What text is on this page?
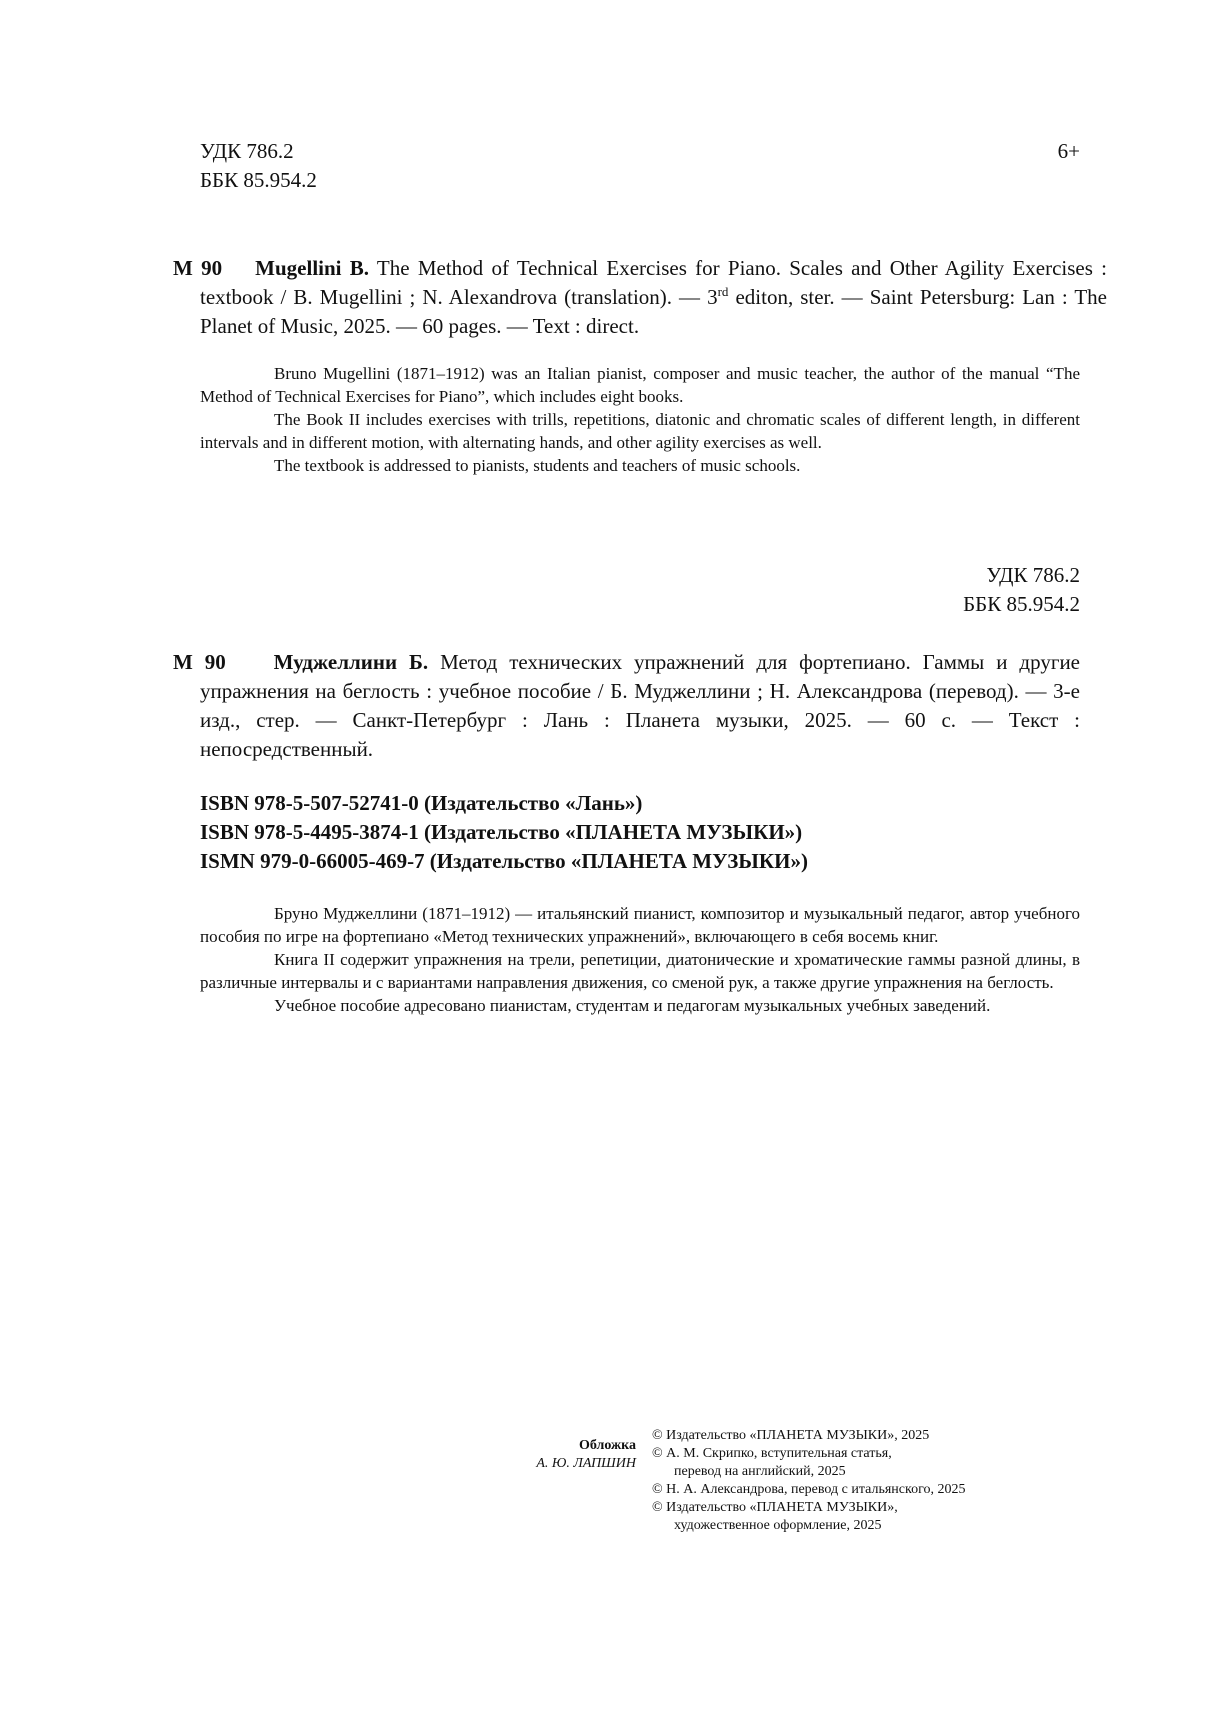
УДК 786.2
ББК 85.954.2
6+

M 90 Mugellini B. The Method of Technical Exercises for Piano. Scales and Other Agility Exercises : textbook / B. Mugellini ; N. Alexandrova (translation). — 3rd editon, ster. — Saint Petersburg: Lan : The Planet of Music, 2025. — 60 pages. — Text : direct.

Bruno Mugellini (1871–1912) was an Italian pianist, composer and music teacher, the author of the manual “The Method of Technical Exercises for Piano”, which includes eight books.

The Book II includes exercises with trills, repetitions, diatonic and chromatic scales of different length, in different intervals and in different motion, with alternating hands, and other agility exercises as well.

The textbook is addressed to pianists, students and teachers of music schools.

УДК 786.2
ББК 85.954.2

М 90 Муджеллини Б. Метод технических упражнений для фортепиано. Гаммы и другие упражнения на беглость : учебное пособие / Б. Муджеллини ; Н. Александрова (перевод). — 3-е изд., стер. — Санкт-Петербург : Лань : Планета музыки, 2025. — 60 с. — Текст : непосредственный.

ISBN 978-5-507-52741-0 (Издательство «Лань»)
ISBN 978-5-4495-3874-1 (Издательство «ПЛАНЕТА МУЗЫКИ»)
ISMN 979-0-66005-469-7 (Издательство «ПЛАНЕТА МУЗЫКИ»)

Бруно Муджеллини (1871–1912) — итальянский пианист, композитор и музыкальный педагог, автор учебного пособия по игре на фортепиано «Метод технических упражнений», включающего в себя восемь книг.

Книга II содержит упражнения на трели, репетиции, диатонические и хроматические гаммы разной длины, в различные интервалы и с вариантами направления движения, со сменой рук, а также другие упражнения на беглость.

Учебное пособие адресовано пианистам, студентам и педагогам музыкальных учебных заведений.

Обложка
А. Ю. ЛАПШИН
© Издательство «ПЛАНЕТА МУЗЫКИ», 2025
© А. М. Скрипко, вступительная статья,
перевод на английский, 2025
© Н. А. Александрова, перевод с итальянского, 2025
© Издательство «ПЛАНЕТА МУЗЫКИ»,
художественное оформление, 2025
